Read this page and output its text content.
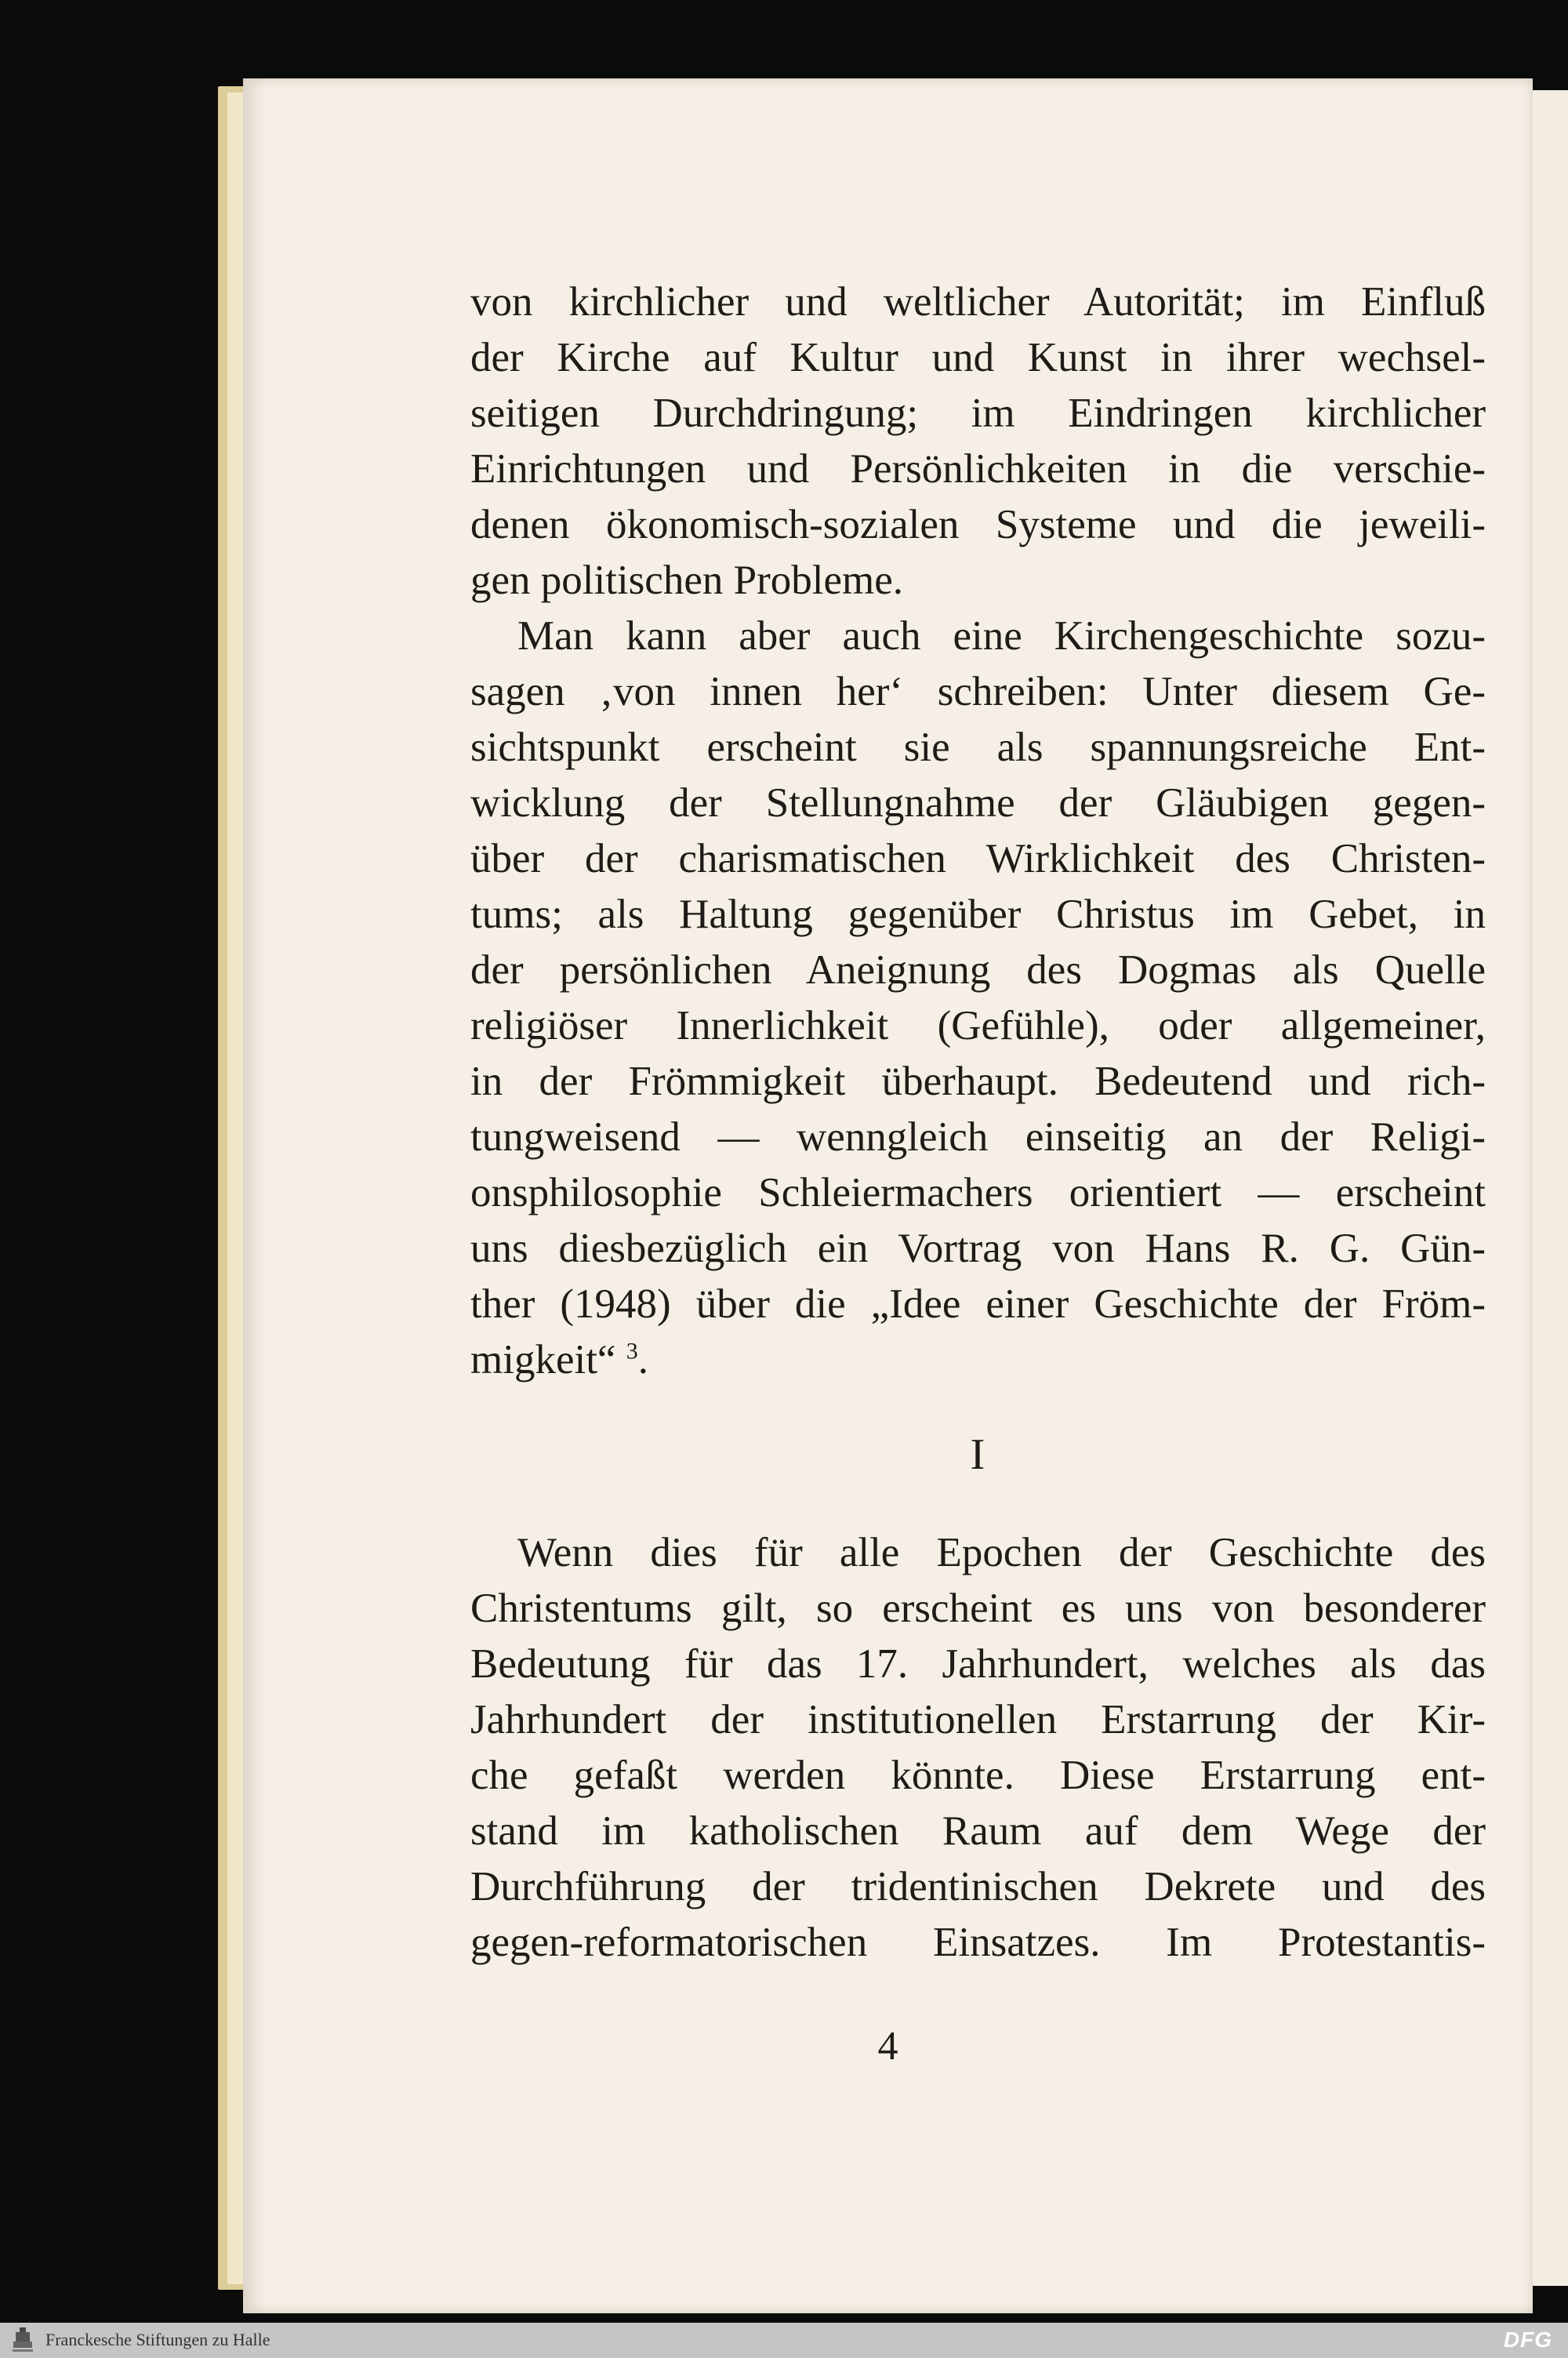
von kirchlicher und weltlicher Autorität; im Einfluß
der Kirche auf Kultur und Kunst in ihrer wechsel-
seitigen Durchdringung; im Eindringen kirchlicher
Einrichtungen und Persönlichkeiten in die verschie-
denen ökonomisch-sozialen Systeme und die jeweili-
gen politischen Probleme.

Man kann aber auch eine Kirchengeschichte sozu-
sagen ‚von innen her‘ schreiben: Unter diesem Ge-
sichtspunkt erscheint sie als spannungsreiche Ent-
wicklung der Stellungnahme der Gläubigen gegen-
über der charismatischen Wirklichkeit des Christen-
tums; als Haltung gegenüber Christus im Gebet, in
der persönlichen Aneignung des Dogmas als Quelle
religiöser Innerlichkeit (Gefühle), oder allgemeiner,
in der Frömmigkeit überhaupt. Bedeutend und rich-
tungweisend — wenngleich einseitig an der Religi-
onsphilosophie Schleiermachers orientiert — erscheint
uns diesbezüglich ein Vortrag von Hans R. G. Gün-
ther (1948) über die „Idee einer Geschichte der Fröm-
migkeit“ $^3$.

I

Wenn dies für alle Epochen der Geschichte des
Christentums gilt, so erscheint es uns von besonderer
Bedeutung für das 17. Jahrhundert, welches als das
Jahrhundert der institutionellen Erstarrung der Kir-
che gefaßt werden könnte. Diese Erstarrung ent-
stand im katholischen Raum auf dem Wege der
Durchführung der tridentinischen Dekrete und des
gegen-reformatorischen Einsatzes. Im Protestantis-

4
Franckesche Stiftungen zu Halle	DFG
